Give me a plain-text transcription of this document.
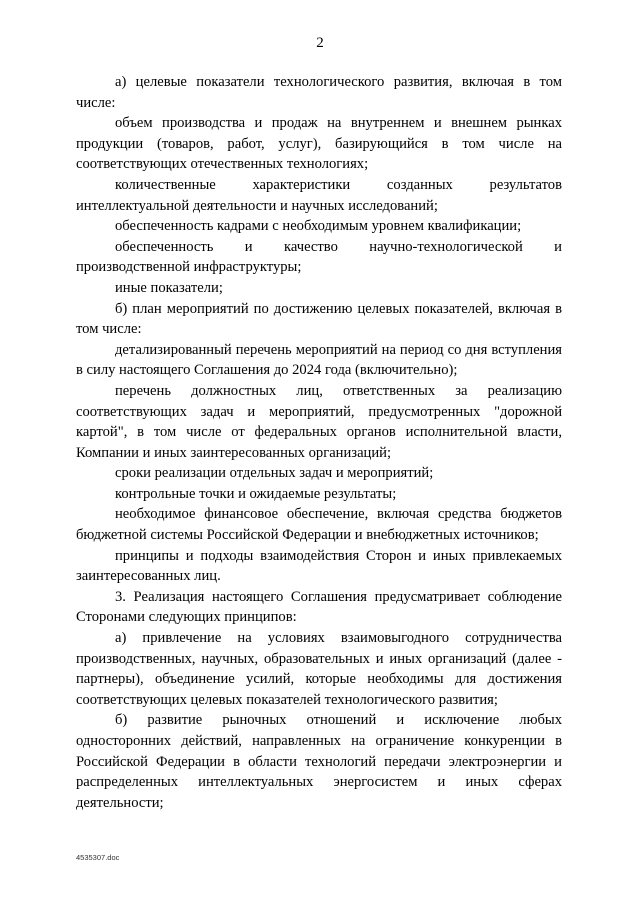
2

а) целевые показатели технологического развития, включая в том числе:

объем производства и продаж на внутреннем и внешнем рынках продукции (товаров, работ, услуг), базирующийся в том числе на соответствующих отечественных технологиях;

количественные характеристики созданных результатов интеллектуальной деятельности и научных исследований;

обеспеченность кадрами с необходимым уровнем квалификации;

обеспеченность и качество научно-технологической и производственной инфраструктуры;

иные показатели;

б) план мероприятий по достижению целевых показателей, включая в том числе:

детализированный перечень мероприятий на период со дня вступления в силу настоящего Соглашения до 2024 года (включительно);

перечень должностных лиц, ответственных за реализацию соответствующих задач и мероприятий, предусмотренных "дорожной картой", в том числе от федеральных органов исполнительной власти, Компании и иных заинтересованных организаций;

сроки реализации отдельных задач и мероприятий;

контрольные точки и ожидаемые результаты;

необходимое финансовое обеспечение, включая средства бюджетов бюджетной системы Российской Федерации и внебюджетных источников;

принципы и подходы взаимодействия Сторон и иных привлекаемых заинтересованных лиц.

3. Реализация настоящего Соглашения предусматривает соблюдение Сторонами следующих принципов:

а) привлечение на условиях взаимовыгодного сотрудничества производственных, научных, образовательных и иных организаций (далее - партнеры), объединение усилий, которые необходимы для достижения соответствующих целевых показателей технологического развития;

б) развитие рыночных отношений и исключение любых односторонних действий, направленных на ограничение конкуренции в Российской Федерации в области технологий передачи электроэнергии и распределенных интеллектуальных энергосистем и иных сферах деятельности;

4535307.doc
